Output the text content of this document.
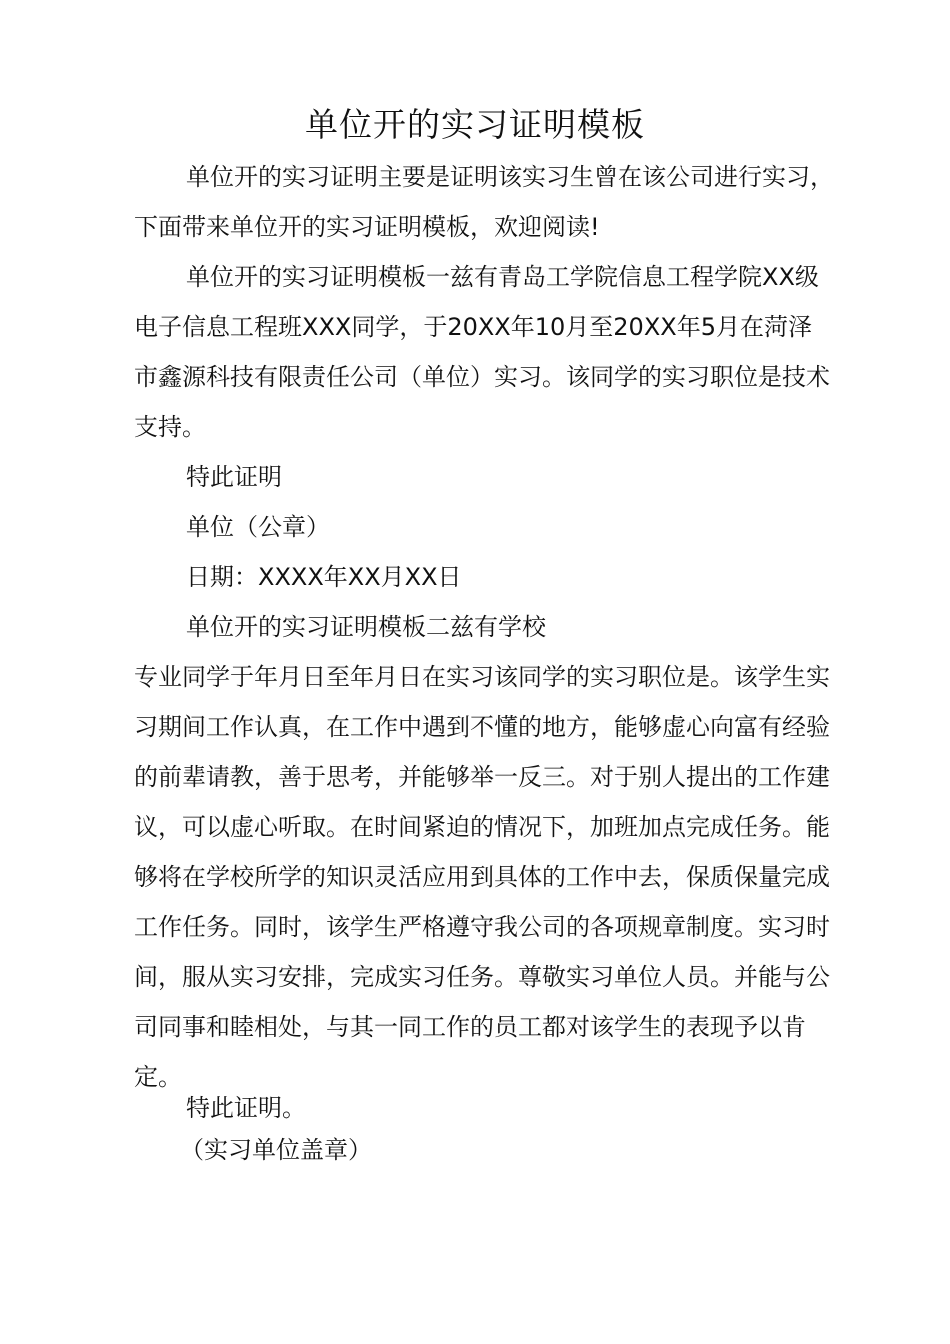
单位开的实习证明模板

单位开的实习证明主要是证明该实习生曾在该公司进行实习，下面带来单位开的实习证明模板，欢迎阅读!

单位开的实习证明模板一兹有青岛工学院信息工程学院XX级电子信息工程班XXX同学，于20XX年10月至20XX年5月在菏泽市鑫源科技有限责任公司（单位）实习。该同学的实习职位是技术支持。

特此证明

单位（公章）

日期：XXXX年XX月XX日

单位开的实习证明模板二兹有学校

专业同学于年月日至年月日在实习该同学的实习职位是。该学生实习期间工作认真，在工作中遇到不懂的地方，能够虚心向富有经验的前辈请教，善于思考，并能够举一反三。对于别人提出的工作建议，可以虚心听取。在时间紧迫的情况下，加班加点完成任务。能够将在学校所学的知识灵活应用到具体的工作中去，保质保量完成工作任务。同时，该学生严格遵守我公司的各项规章制度。实习时间，服从实习安排，完成实习任务。尊敬实习单位人员。并能与公司同事和睦相处，与其一同工作的员工都对该学生的表现予以肯定。

特此证明。

（实习单位盖章）
